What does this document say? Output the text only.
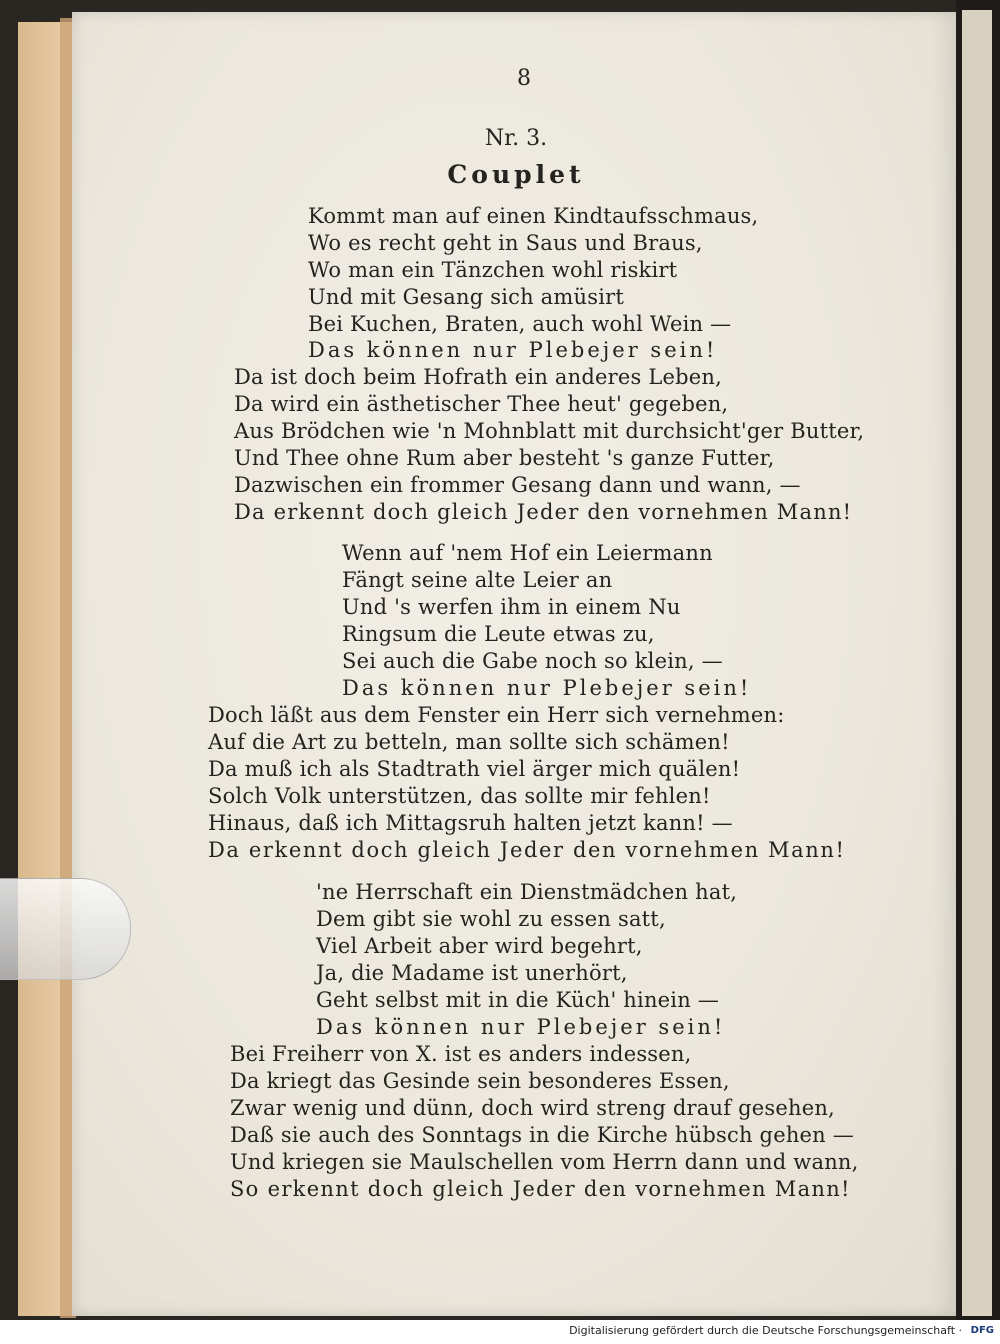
8
Nr. 3.
Couplet
Kommt man auf einen Kindtaufsschmaus,
Wo es recht geht in Saus und Braus,
Wo man ein Tänzchen wohl riskirt
Und mit Gesang sich amüsirt
Bei Kuchen, Braten, auch wohl Wein —
Das können nur Plebejer sein!
Da ist doch beim Hofrath ein anderes Leben,
Da wird ein ästhetischer Thee heut' gegeben,
Aus Brödchen wie 'n Mohnblatt mit durchsicht'ger Butter,
Und Thee ohne Rum aber besteht 's ganze Futter,
Dazwischen ein frommer Gesang dann und wann, —
Da erkennt doch gleich Jeder den vornehmen Mann!
Wenn auf 'nem Hof ein Leiermann
Fängt seine alte Leier an
Und 's werfen ihm in einem Nu
Ringsum die Leute etwas zu,
Sei auch die Gabe noch so klein, —
Das können nur Plebejer sein!
Doch läßt aus dem Fenster ein Herr sich vernehmen:
Auf die Art zu betteln, man sollte sich schämen!
Da muß ich als Stadtrath viel ärger mich quälen!
Solch Volk unterstützen, das sollte mir fehlen!
Hinaus, daß ich Mittagsruh halten jetzt kann! —
Da erkennt doch gleich Jeder den vornehmen Mann!
'ne Herrschaft ein Dienstmädchen hat,
Dem gibt sie wohl zu essen satt,
Viel Arbeit aber wird begehrt,
Ja, die Madame ist unerhört,
Geht selbst mit in die Küch' hinein —
Das können nur Plebejer sein!
Bei Freiherr von X. ist es anders indessen,
Da kriegt das Gesinde sein besonderes Essen,
Zwar wenig und dünn, doch wird streng drauf gesehen,
Daß sie auch des Sonntags in die Kirche hübsch gehen —
Und kriegen sie Maulschellen vom Herrn dann und wann,
So erkennt doch gleich Jeder den vornehmen Mann!
Digitalisierung gefördert durch die Deutsche Forschungsgemeinschaft · DFG
